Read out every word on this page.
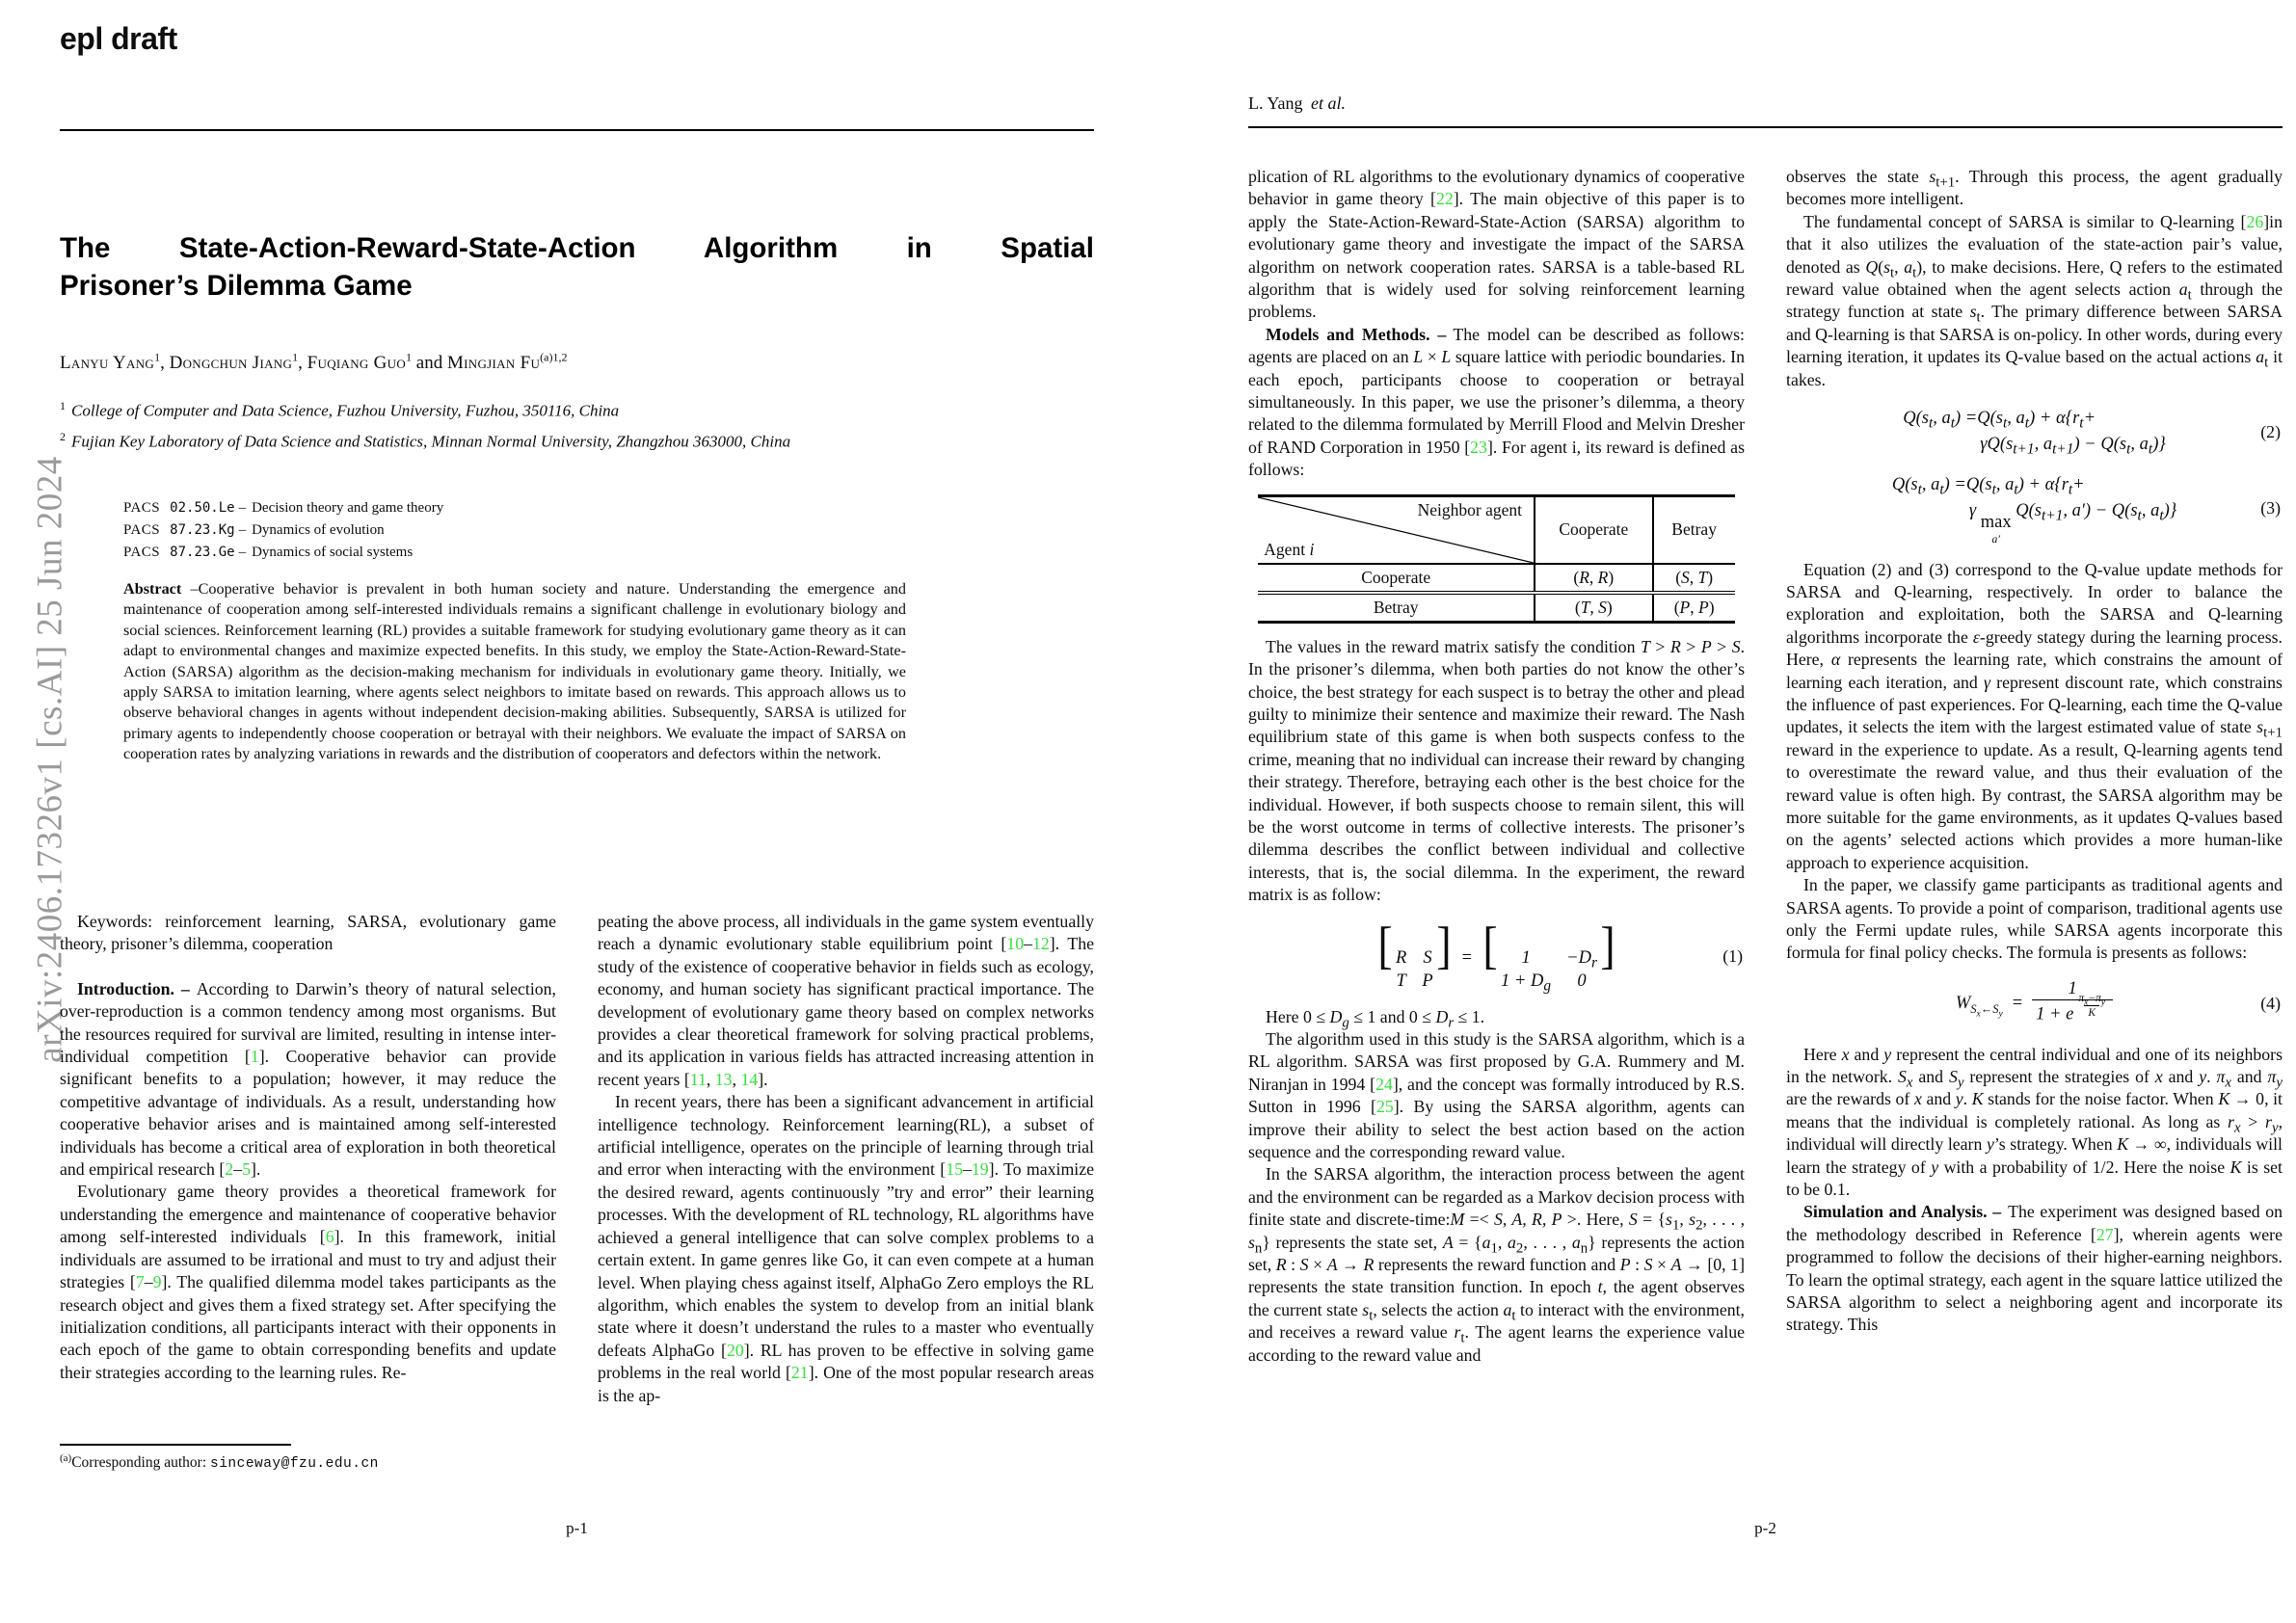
arXiv:2406.17326v1 [cs.AI] 25 Jun 2024
epl draft
The State-Action-Reward-State-Action Algorithm in Spatial
Prisoner’s Dilemma Game
Lanyu Yang$^1$, Dongchun Jiang$^1$, Fuqiang Guo$^1$ and Mingjian $Fu^{(a)1,2}$
$^1$ College of Computer and Data Science, Fuzhou University, Fuzhou, 350116, China
$^2$ Fujian Key Laboratory of Data Science and Statistics, Minnan Normal University, Zhangzhou 363000, China
PACS 02.50.Le – Decision theory and game theory
PACS 87.23.Kg – Dynamics of evolution
PACS 87.23.Ge – Dynamics of social systems
Abstract –Cooperative behavior is prevalent in both human society and nature. Understanding the emergence and maintenance of cooperation among self-interested individuals remains a significant challenge in evolutionary biology and social sciences. Reinforcement learning (RL) provides a suitable framework for studying evolutionary game theory as it can adapt to environmental changes and maximize expected benefits. In this study, we employ the State-Action-Reward-State-Action (SARSA) algorithm as the decision-making mechanism for individuals in evolutionary game theory. Initially, we apply SARSA to imitation learning, where agents select neighbors to imitate based on rewards. This approach allows us to observe behavioral changes in agents without independent decision-making abilities. Subsequently, SARSA is utilized for primary agents to independently choose cooperation or betrayal with their neighbors. We evaluate the impact of SARSA on cooperation rates by analyzing variations in rewards and the distribution of cooperators and defectors within the network.

Keywords: reinforcement learning, SARSA, evolutionary game theory, prisoner’s dilemma, cooperation

Introduction. – According to Darwin’s theory of natural selection, over-reproduction is a common tendency among most organisms. But the resources required for survival are limited, resulting in intense inter-individual competition [1]. Cooperative behavior can provide significant benefits to a population; however, it may reduce the competitive advantage of individuals. As a result, understanding how cooperative behavior arises and is maintained among self-interested individuals has become a critical area of exploration in both theoretical and empirical research [2–5].

Evolutionary game theory provides a theoretical framework for understanding the emergence and maintenance of cooperative behavior among self-interested individuals [6]. In this framework, initial individuals are assumed to be irrational and must to try and adjust their strategies [7–9]. The qualified dilemma model takes participants as the research object and gives them a fixed strategy set. After specifying the initialization conditions, all participants interact with their opponents in each epoch of the game to obtain corresponding benefits and update their strategies according to the learning rules. Re-

peating the above process, all individuals in the game system eventually reach a dynamic evolutionary stable equilibrium point [10–12]. The study of the existence of cooperative behavior in fields such as ecology, economy, and human society has significant practical importance. The development of evolutionary game theory based on complex networks provides a clear theoretical framework for solving practical problems, and its application in various fields has attracted increasing attention in recent years [11, 13, 14].

In recent years, there has been a significant advancement in artificial intelligence technology. Reinforcement learning(RL), a subset of artificial intelligence, operates on the principle of learning through trial and error when interacting with the environment [15–19]. To maximize the desired reward, agents continuously ”try and error” their learning processes. With the development of RL technology, RL algorithms have achieved a general intelligence that can solve complex problems to a certain extent. In game genres like Go, it can even compete at a human level. When playing chess against itself, AlphaGo Zero employs the RL algorithm, which enables the system to develop from an initial blank state where it doesn’t understand the rules to a master who eventually defeats AlphaGo [20]. RL has proven to be effective in solving game problems in the real world [21]. One of the most popular research areas is the ap-

$^{(a)}$Corresponding author: sinceway@fzu.edu.cn
p-1
L. Yang et al.

plication of RL algorithms to the evolutionary dynamics of cooperative behavior in game theory [22]. The main objective of this paper is to apply the State-Action-Reward-State-Action (SARSA) algorithm to evolutionary game theory and investigate the impact of the SARSA algorithm on network cooperation rates. SARSA is a table-based RL algorithm that is widely used for solving reinforcement learning problems.

Models and Methods. – The model can be described as follows: agents are placed on an L × L square lattice with periodic boundaries. In each epoch, participants choose to cooperation or betrayal simultaneously. In this paper, we use the prisoner’s dilemma, a theory related to the dilemma formulated by Merrill Flood and Melvin Dresher of RAND Corporation in 1950 [23]. For agent i, its reward is defined as follows:

Neighbor agent
Agent i	Cooperate	Betray
Cooperate	(R, R)	(S, T)
Betray	(T, S)	(P, P)

The values in the reward matrix satisfy the condition T > R > P > S. In the prisoner’s dilemma, when both parties do not know the other’s choice, the best strategy for each suspect is to betray the other and plead guilty to minimize their sentence and maximize their reward. The Nash equilibrium state of this game is when both suspects confess to the crime, meaning that no individual can increase their reward by changing their strategy. Therefore, betraying each other is the best choice for the individual. However, if both suspects choose to remain silent, this will be the worst outcome in terms of collective interests. The prisoner’s dilemma describes the conflict between individual and collective interests, that is, the social dilemma. In the experiment, the reward matrix is as follow:

[ R S
T P
] = [ $1 -D_r$
$1 + D_g$ 0
]	(1)

Here $0 \le D_g \le 1$ and $0 \le D_r \le 1$.

The algorithm used in this study is the SARSA algorithm, which is a RL algorithm. SARSA was first proposed by G.A. Rummery and M. Niranjan in 1994 [24], and the concept was formally introduced by R.S. Sutton in 1996 [25]. By using the SARSA algorithm, agents can improve their ability to select the best action based on the action sequence and the corresponding reward value.

In the SARSA algorithm, the interaction process between the agent and the environment can be regarded as a Markov decision process with finite state and discrete-time:M =< S, A, R, P >. Here, $S = \{s_1$, $s_2$, . . . , $s_n$} represents the state set, $A = \{a_1$, $a_2$, . . . , $a_n$} represents the action set, R : S × A → R represents the reward function and P : S × A → [0, 1] represents the state transition function. In epoch t, the agent observes the current state $s_t$, selects the action $a_t$ to interact with the environment, and receives a reward value $r_t$. The agent learns the experience value according to the reward value and

observes the state $s_{t+1}$. Through this process, the agent gradually becomes more intelligent.

The fundamental concept of SARSA is similar to Q-learning [26]in that it also utilizes the evaluation of the state-action pair’s value, denoted as $Q(s_t$, $a_t$), to make decisions. Here, Q refers to the estimated reward value obtained when the agent selects action $a_t$ through the strategy function at state $s_t$. The primary difference between SARSA and Q-learning is that SARSA is on-policy. In other words, during every learning iteration, it updates its Q-value based on the actual actions $a_t$ it takes.

$Q(s_t$, $a_t) =Q(s_t$, $a_t) + \alpha\{r_t+$
$\gamma Q(s_{t+1}$, $a_{t+1}) - Q(s_t$, $a_t$)}
(2)
$Q(s_t$, $a_t) =Q(s_t$, $a_t) + \alpha\{r_t+$
γ
max
a′
$Q(s_{t+1}$, $a') - Q(s_t$, $a_t$)}	(3)

Equation (2) and (3) correspond to the Q-value update methods for SARSA and Q-learning, respectively. In order to balance the exploration and exploitation, both the SARSA and Q-learning algorithms incorporate the ε-greedy stategy during the learning process. Here, α represents the learning rate, which constrains the amount of learning each iteration, and γ represent discount rate, which constrains the influence of past experiences. For Q-learning, each time the Q-value updates, it selects the item with the largest estimated value of state $s_{t+1}$ reward in the experience to update. As a result, Q-learning agents tend to overestimate the reward value, and thus their evaluation of the reward value is often high. By contrast, the SARSA algorithm may be more suitable for the game environments, as it updates Q-values based on the agents’ selected actions which provides a more human-like approach to experience acquisition.

In the paper, we classify game participants as traditional agents and SARSA agents. To provide a point of comparison, traditional agents use only the Fermi update rules, while SARSA agents incorporate this formula for final policy checks. The formula is presents as follows:

$W_{S_x\leftarrow S_y}=$
1
1 + e $\frac{\pi_x-\pi_y}{K}$	(4)

Here x and y represent the central individual and one of its neighbors in the network. $S_x$ and $S_y$ represent the strategies of x and y. $\pi_x$ and $\pi_y$ are the rewards of x and y. K stands for the noise factor. When K → 0, it means that the individual is completely rational. As long as $r_x > r_y$, individual will directly learn y’s strategy. When K → ∞, individuals will learn the strategy of y with a probability of 1/2. Here the noise K is set to be 0.1.

Simulation and Analysis. – The experiment was designed based on the methodology described in Reference [27], wherein agents were programmed to follow the decisions of their higher-earning neighbors. To learn the optimal strategy, each agent in the square lattice utilized the SARSA algorithm to select a neighboring agent and incorporate its strategy. This

p-2
